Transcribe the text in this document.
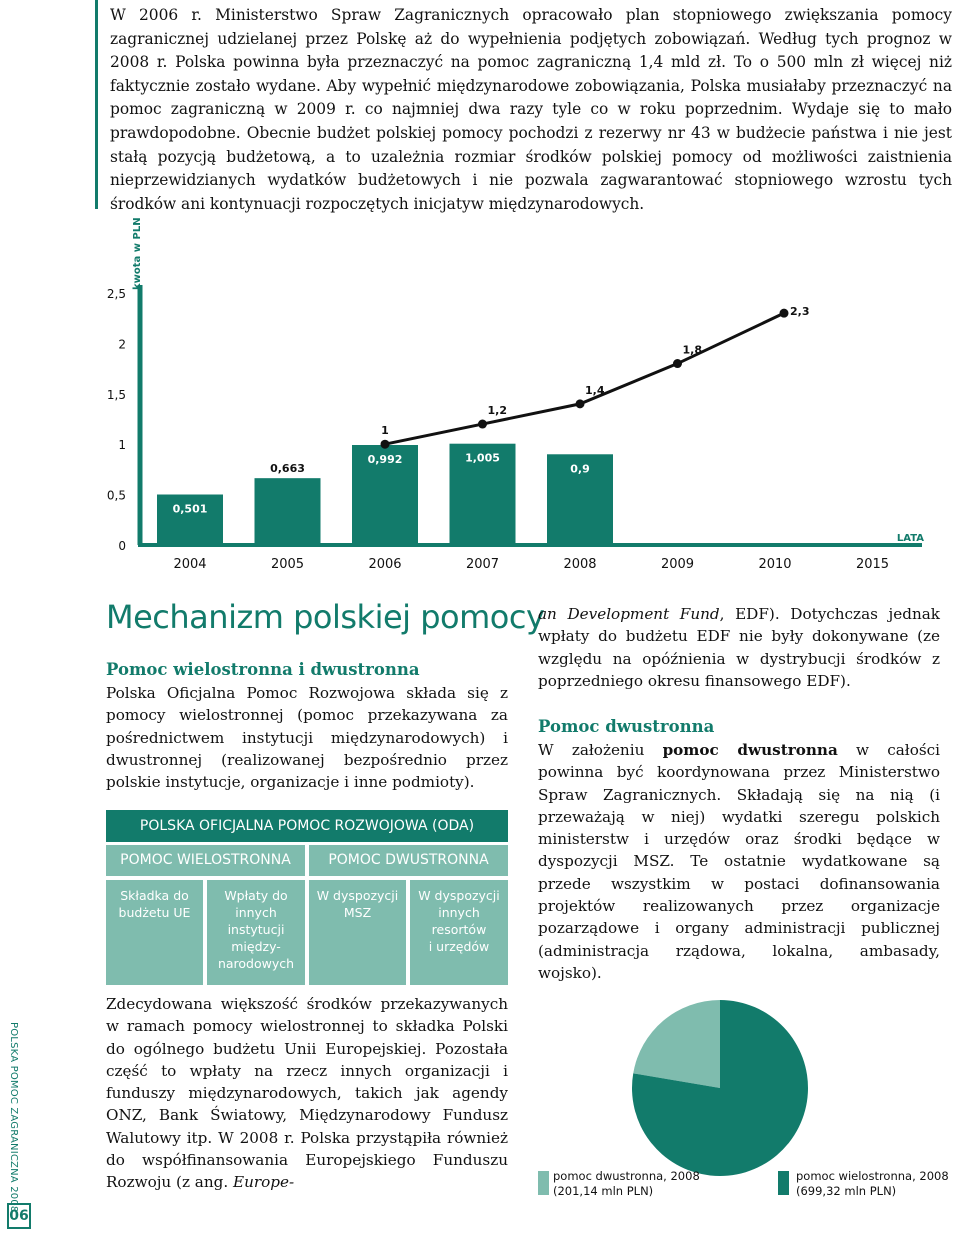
W 2006 r. Ministerstwo Spraw Zagranicznych opracowało plan stopniowego zwiększania pomocy zagranicznej udzielanej przez Polskę aż do wypełnienia podjętych zobowiązań. Według tych prognoz w 2008 r. Polska powinna była przeznaczyć na pomoc zagraniczną 1,4 mld zł. To o 500 mln zł więcej niż faktycznie zostało wydane. Aby wypełnić międzynarodowe zobowiązania, Polska musiałaby przeznaczyć na pomoc zagraniczną w 2009 r. co najmniej dwa razy tyle co w roku poprzednim. Wydaje się to mało prawdopodobne. Obecnie budżet polskiej pomocy pochodzi z rezerwy nr 43 w budżecie państwa i nie jest stałą pozycją budżetową, a to uzależnia rozmiar środków polskiej pomocy od możliwości zaistnienia nieprzewidzianych wydatków budżetowych i nie pozwala zagwarantować stopniowego wzrostu tych środków ani kontynuacji rozpoczętych inicjatyw międzynarodowych.
0
0,5
1
1,5
2
2,5
kwota w PLN
LATA
2004	2005	2006	2007	2008	2009	2010	2015
0,501
0,663
0,992	1,005
0,9
1
1,2
1,4
1,8
2,3
POLSKA POMOC ZAGRANICZNA 2008
06
Mechanizm polskiej pomocy
Pomoc wielostronna i dwustronna
Polska Oficjalna Pomoc Rozwojowa składa się z pomocy wielostronnej (pomoc przekazywana za pośrednictwem instytucji międzynarodowych) i dwustronnej (realizowanej bezpośrednio przez polskie instytucje, organizacje i inne podmioty).
POLSKA OFICJALNA POMOC ROZWOJOWA (ODA)
POMOC WIELOSTRONNA	POMOC DWUSTRONNA
Składka do
budżetu UE
Wpłaty do
innych
instytucji
między-
narodowych
W dyspozycji
MSZ
W dyspozycji
innych
resortów
i urzędów
Zdecydowana większość środków przekazywanych w ramach pomocy wielostronnej to składka Polski do ogólnego budżetu Unii Europejskiej. Pozostała część to wpłaty na rzecz innych organizacji i funduszy międzynarodowych, takich jak agendy ONZ, Bank Światowy, Międzynarodowy Fundusz Walutowy itp. W 2008 r. Polska przystąpiła również do współfinansowania Europejskiego Funduszu Rozwoju (z ang. Europe-
an Development Fund, EDF). Dotychczas jednak wpłaty do budżetu EDF nie były dokonywane (ze względu na opóźnienia w dystrybucji środków z poprzedniego okresu finansowego EDF).
Pomoc dwustronna
W założeniu pomoc dwustronna w całości powinna być koordynowana przez Ministerstwo Spraw Zagranicznych. Składają się na nią (i przeważają w niej) wydatki szeregu polskich ministerstw i urzędów oraz środki będące w dyspozycji MSZ. Te ostatnie wydatkowane są przede wszystkim w postaci dofinansowania projektów realizowanych przez organizacje pozarządowe i organy administracji publicznej (administracja rządowa, lokalna, ambasady, wojsko).
pomoc dwustronna, 2008
(201,14 mln PLN)
pomoc wielostronna, 2008
(699,32 mln PLN)
